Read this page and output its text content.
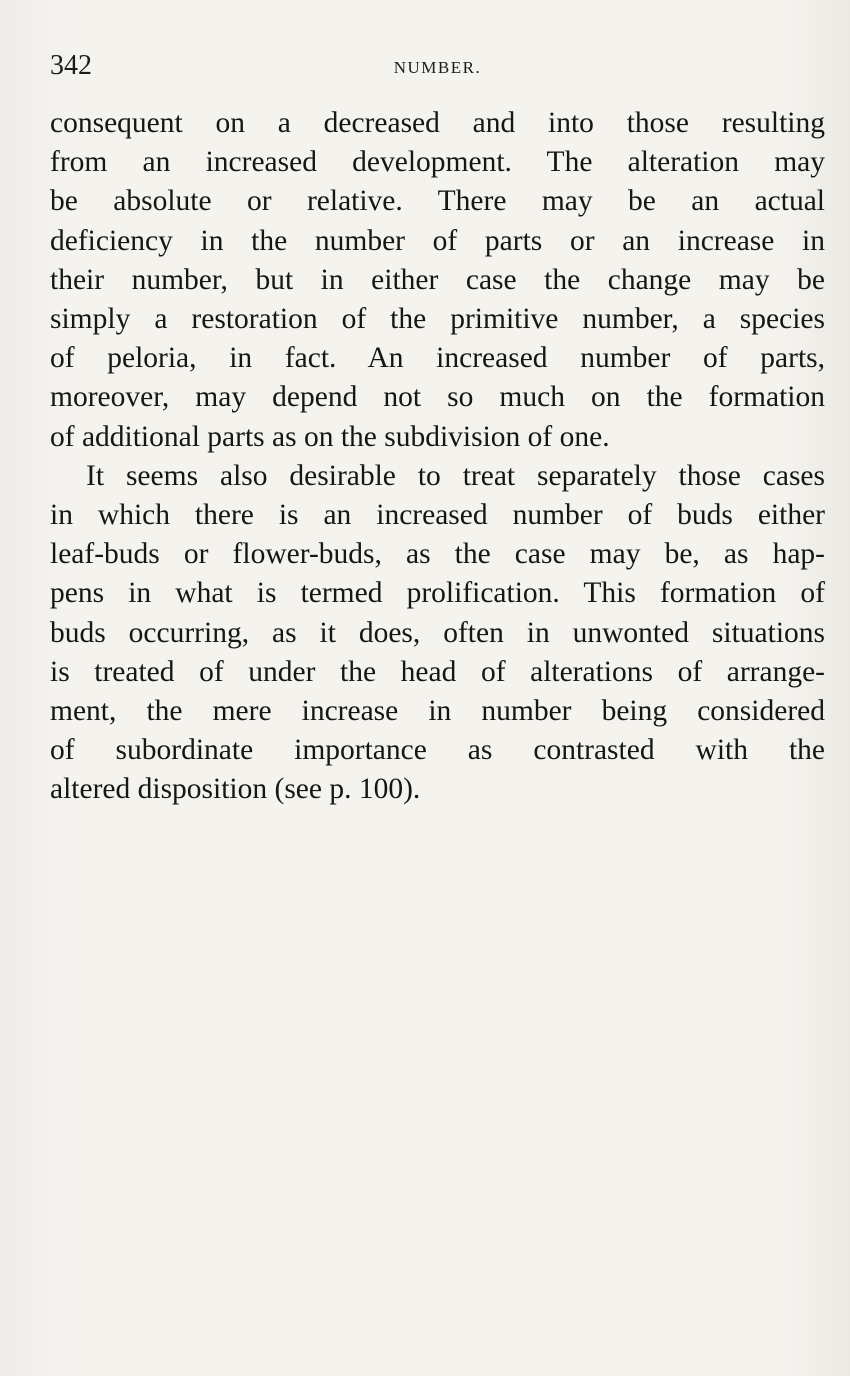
342	NUMBER.
consequent on a decreased and into those resulting
from an increased development. The alteration may
be absolute or relative. There may be an actual
deficiency in the number of parts or an increase in
their number, but in either case the change may be
simply a restoration of the primitive number, a species
of peloria, in fact. An increased number of parts,
moreover, may depend not so much on the formation
of additional parts as on the subdivision of one.
It seems also desirable to treat separately those cases
in which there is an increased number of buds either
leaf-buds or flower-buds, as the case may be, as hap-
pens in what is termed prolification. This formation of
buds occurring, as it does, often in unwonted situations
is treated of under the head of alterations of arrange-
ment, the mere increase in number being considered
of subordinate importance as contrasted with the
altered disposition (see p. 100).
